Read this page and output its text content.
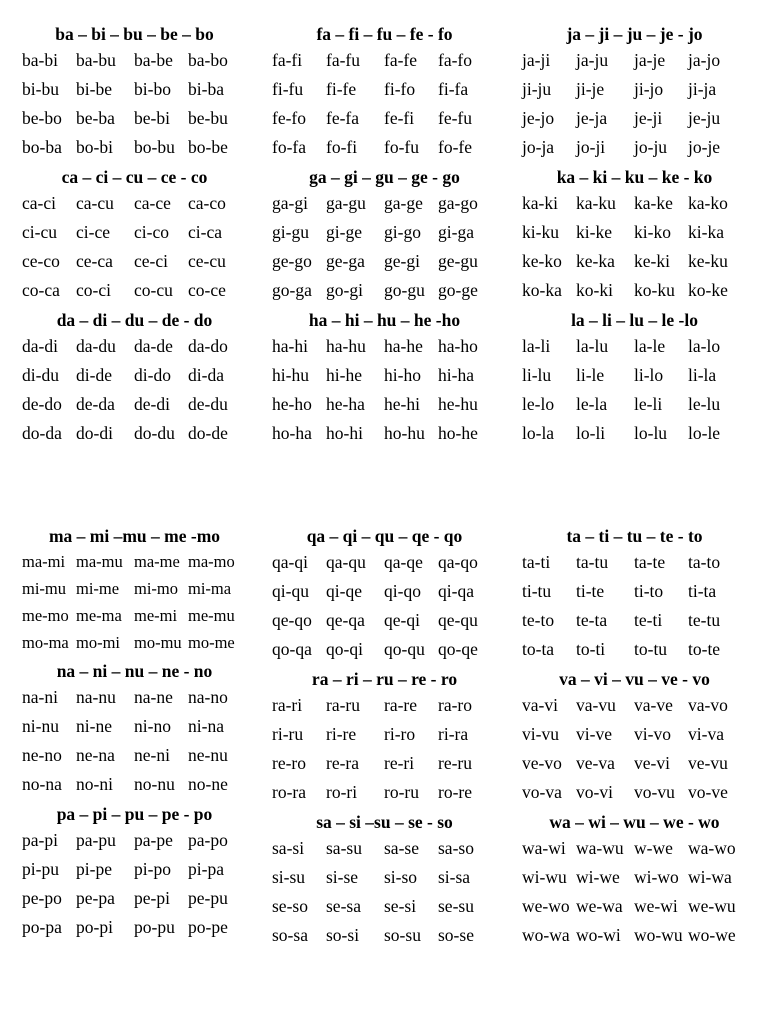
ba – bi – bu – be – bo
ba-bi ba-bu ba-be ba-bo
bi-bu bi-be bi-bo bi-ba
be-bo be-ba be-bi be-bu
bo-ba bo-bi bo-bu bo-be
ca – ci – cu – ce - co
ca-ci ca-cu ca-ce ca-co
ci-cu ci-ce ci-co ci-ca
ce-co ce-ca ce-ci ce-cu
co-ca co-ci co-cu co-ce
da – di – du – de - do
da-di da-du da-de da-do
di-du di-de di-do di-da
de-do de-da de-di de-du
do-da do-di do-du do-de
fa – fi – fu – fe - fo
fa-fi fa-fu fa-fe fa-fo
fi-fu fi-fe fi-fo fi-fa
fe-fo fe-fa fe-fi fe-fu
fo-fa fo-fi fo-fu fo-fe
ga – gi – gu – ge - go
ga-gi ga-gu ga-ge ga-go
gi-gu gi-ge gi-go gi-ga
ge-go ge-ga ge-gi ge-gu
go-ga go-gi go-gu go-ge
ha – hi – hu – he -ho
ha-hi ha-hu ha-he ha-ho
hi-hu hi-he hi-ho hi-ha
he-ho he-ha he-hi he-hu
ho-ha ho-hi ho-hu ho-he
ja – ji – ju – je - jo
ja-ji ja-ju ja-je ja-jo
ji-ju ji-je ji-jo ji-ja
je-jo je-ja je-ji je-ju
jo-ja jo-ji jo-ju jo-je
ka – ki – ku – ke - ko
ka-ki ka-ku ka-ke ka-ko
ki-ku ki-ke ki-ko ki-ka
ke-ko ke-ka ke-ki ke-ku
ko-ka ko-ki ko-ku ko-ke
la – li – lu – le -lo
la-li la-lu la-le la-lo
li-lu li-le li-lo li-la
le-lo le-la le-li le-lu
lo-la lo-li lo-lu lo-le
ma – mi –mu – me -mo
ma-mi ma-mu ma-me ma-mo
mi-mu mi-me mi-mo mi-ma
me-mo me-ma me-mi me-mu
mo-ma mo-mi mo-mu mo-me
na – ni – nu – ne - no
na-ni na-nu na-ne na-no
ni-nu ni-ne ni-no ni-na
ne-no ne-na ne-ni ne-nu
no-na no-ni no-nu no-ne
pa – pi – pu – pe - po
pa-pi pa-pu pa-pe pa-po
pi-pu pi-pe pi-po pi-pa
pe-po pe-pa pe-pi pe-pu
po-pa po-pi po-pu po-pe
qa – qi – qu – qe - qo
qa-qi qa-qu qa-qe qa-qo
qi-qu qi-qe qi-qo qi-qa
qe-qo qe-qa qe-qi qe-qu
qo-qa qo-qi qo-qu qo-qe
ra – ri – ru – re - ro
ra-ri ra-ru ra-re ra-ro
ri-ru ri-re ri-ro ri-ra
re-ro re-ra re-ri re-ru
ro-ra ro-ri ro-ru ro-re
sa – si –su – se - so
sa-si sa-su sa-se sa-so
si-su si-se si-so si-sa
se-so se-sa se-si se-su
so-sa so-si so-su so-se
ta – ti – tu – te - to
ta-ti ta-tu ta-te ta-to
ti-tu ti-te ti-to ti-ta
te-to te-ta te-ti te-tu
to-ta to-ti to-tu to-te
va – vi – vu – ve - vo
va-vi va-vu va-ve va-vo
vi-vu vi-ve vi-vo vi-va
ve-vo ve-va ve-vi ve-vu
vo-va vo-vi vo-vu vo-ve
wa – wi – wu – we - wo
wa-wi wa-wu w-we wa-wo
wi-wu wi-we wi-wo wi-wa
we-wo we-wa we-wi we-wu
wo-wa wo-wi wo-wu wo-we
